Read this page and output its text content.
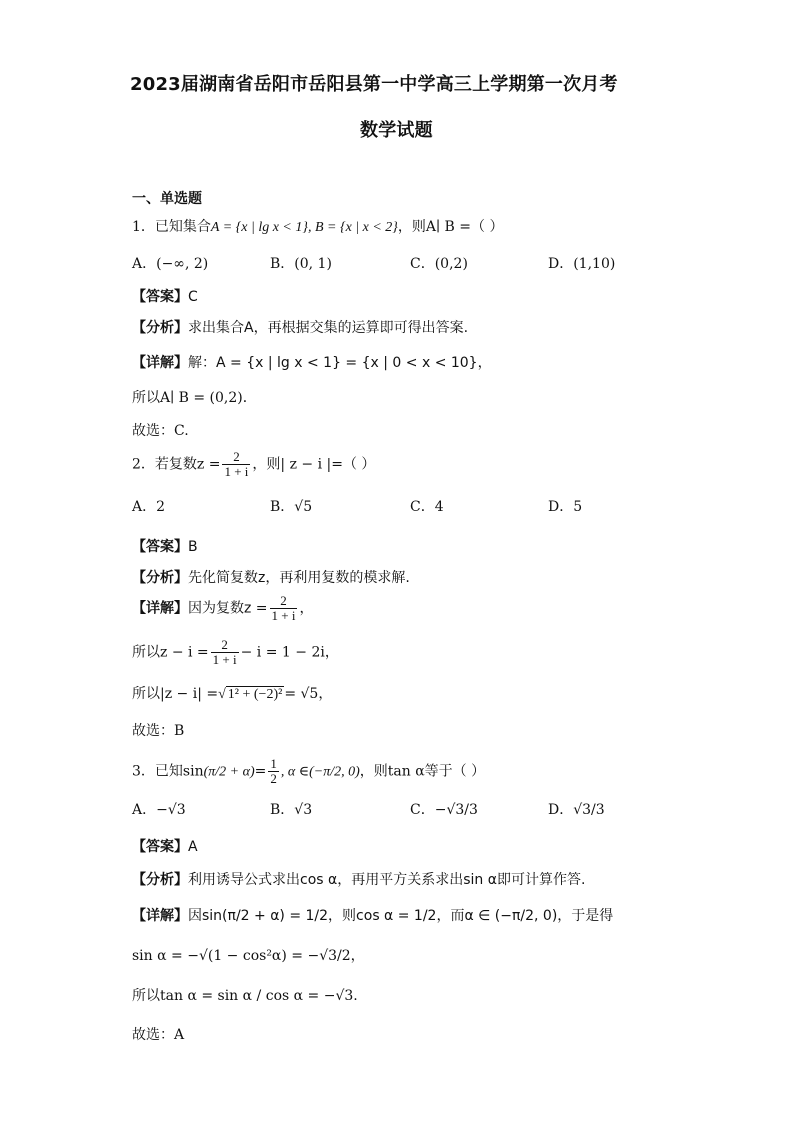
2023届湖南省岳阳市岳阳县第一中学高三上学期第一次月考
数学试题
一、单选题
1．已知集合A = {x | lg x < 1}, B = {x | x < 2}，则A∣ B =（ ）
A．(−∞, 2)	B．(0, 1)	C．(0,2)	D．(1,10)
【答案】C
【分析】求出集合A，再根据交集的运算即可得出答案.
【详解】解：A = {x | lg x < 1} = {x | 0 < x < 10}，
所以A∣ B = (0,2)．
故选：C.
2．若复数$z = \frac{2}{1 + i}$ ，则| z − i |=（ ）
A．2	B．√5	C．4	D．5
【答案】B
【分析】先化简复数z，再利用复数的模求解.
【详解】因为复数$z = \frac{2}{1 + i}$ ，
所以$z - i = \frac{2}{1 + i} - i = 1 - 2i$，
所以|z − i| =√ 1² + (−2)² = √5，
故选：B
3．已知$\sin(\pi/2 + \alpha)= \frac{1}{2}$ , α ∈(−π/2, 0)，则tan α等于（ ）
A．−√3	B．√3	C．−√3/3	D．√3/3
【答案】A
【分析】利用诱导公式求出cos α，再用平方关系求出sin α即可计算作答.
【详解】因sin(π/2 + α) = 1/2，则cos α = 1/2，而α ∈ (−π/2, 0)，于是得
sin α = −√(1 − cos²α) = −√3/2，
所以tan α = sin α / cos α = −√3.
故选：A
